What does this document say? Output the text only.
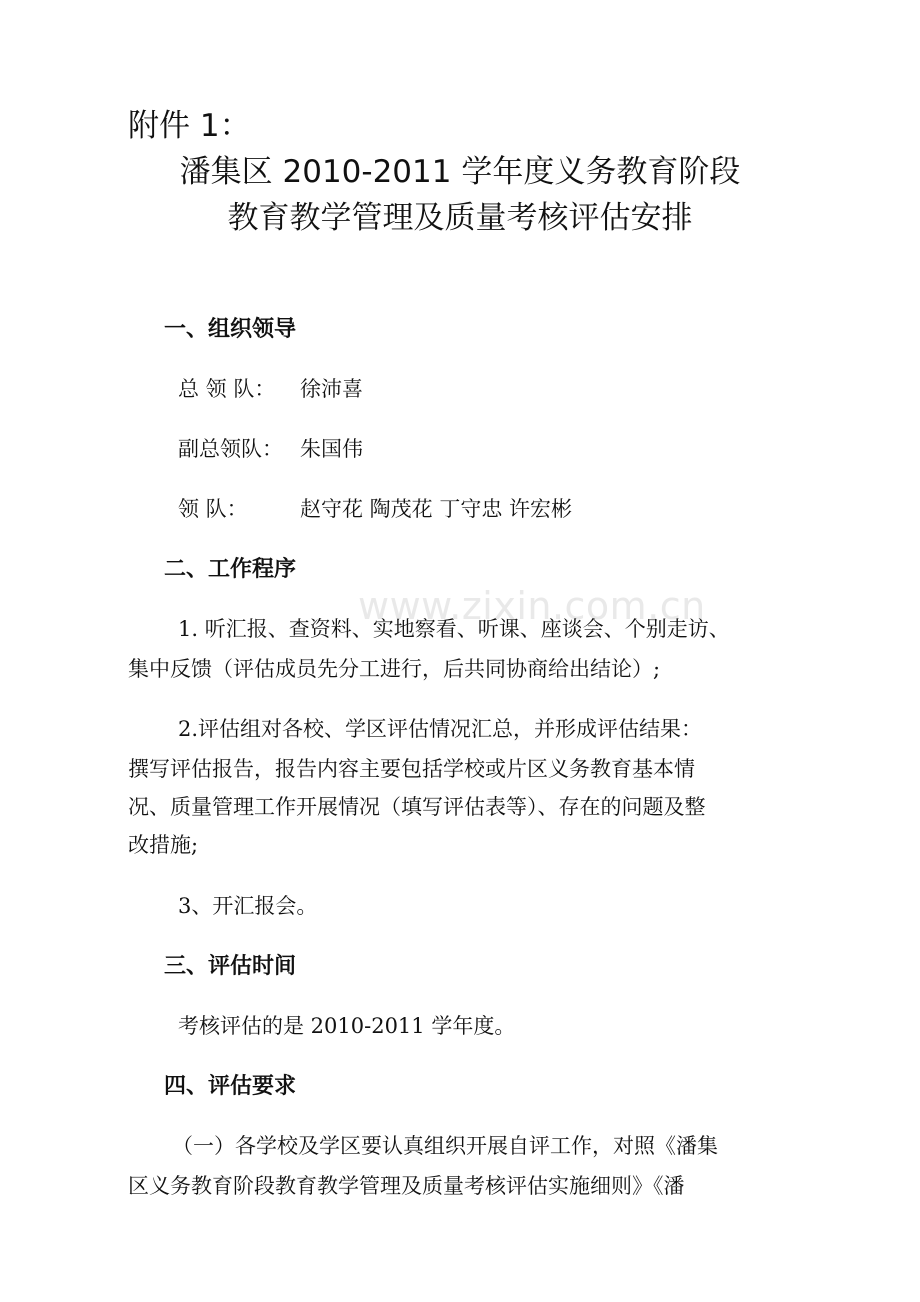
www.zixin.com.cn
附件 1：
潘集区 2010-2011 学年度义务教育阶段
教育教学管理及质量考核评估安排
一、组织领导
总 领 队： 徐沛喜
副总领队： 朱国伟
领 队： 赵守花 陶茂花 丁守忠 许宏彬
二、工作程序
1. 听汇报、查资料、实地察看、听课、座谈会、个别走访、
集中反馈（评估成员先分工进行，后共同协商给出结论）;
2.评估组对各校、学区评估情况汇总，并形成评估结果：
撰写评估报告，报告内容主要包括学校或片区义务教育基本情
况、质量管理工作开展情况（填写评估表等）、存在的问题及整
改措施;
3、开汇报会。
三、评估时间
考核评估的是 2010-2011 学年度。
四、评估要求
（一）各学校及学区要认真组织开展自评工作，对照《潘集
区义务教育阶段教育教学管理及质量考核评估实施细则》《潘
